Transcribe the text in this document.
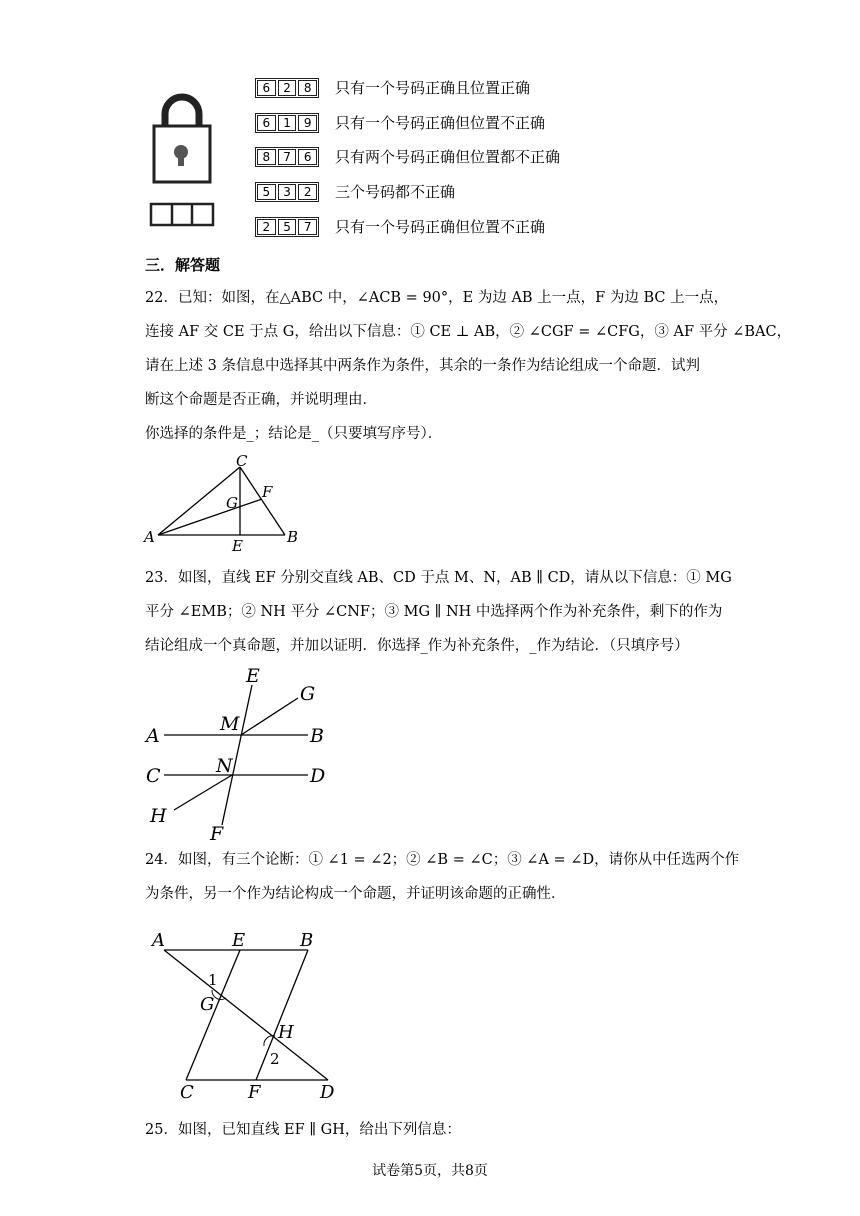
6	2	8	只有一个号码正确且位置正确
6	1	9	只有一个号码正确但位置不正确
8	7	6	只有两个号码正确但位置都不正确
5	3	2	三个号码都不正确
2	5	7	只有一个号码正确但位置不正确
三．解答题
22．已知：如图，在△ABC 中，∠ACB = 90°，E 为边 AB 上一点，F 为边 BC 上一点，
连接 AF 交 CE 于点 G，给出以下信息：① CE ⊥ AB，② ∠CGF = ∠CFG，③ AF 平分 ∠BAC，
请在上述 3 条信息中选择其中两条作为条件，其余的一条作为结论组成一个命题．试判
断这个命题是否正确，并说明理由．
你选择的条件是_；结论是_（只要填写序号）．
C
G
F
A	E	B
23．如图，直线 EF 分别交直线 AB、CD 于点 M、N，AB ∥ CD，请从以下信息：① MG
平分 ∠EMB；② NH 平分 ∠CNF；③ MG ∥ NH 中选择两个作为补充条件，剩下的作为
结论组成一个真命题，并加以证明．你选择_作为补充条件，_作为结论．（只填序号）
E
G
A
M
B
C	N	D
H
F
24．如图，有三个论断：① ∠1 = ∠2；② ∠B = ∠C；③ ∠A = ∠D，请你从中任选两个作
为条件，另一个作为结论构成一个命题，并证明该命题的正确性．
A	E	B
1
G
H
2
C	F	D
25．如图，已知直线 EF ∥ GH，给出下列信息：
试卷第5页，共8页
